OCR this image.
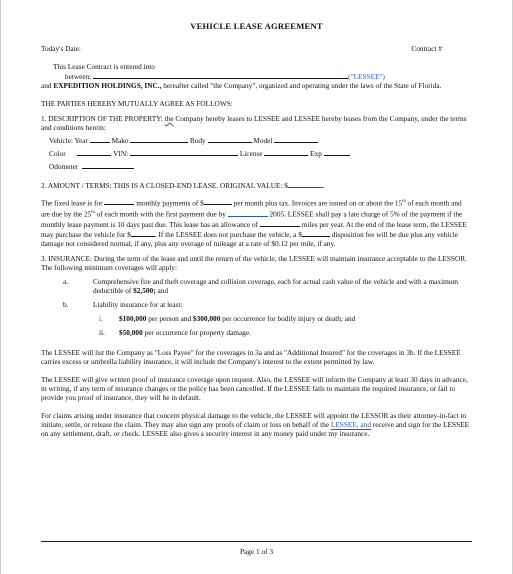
VEHICLE LEASE AGREEMENT
Today's Date:	Contract #

This Lease Contract is entered into

between:	("LESSEE")

and EXPEDITION HOLDINGS, INC., hereafter called "the Company", organized and operating under the laws of the State of Florida.

THE PARTIES HEREBY MUTUALLY AGREE AS FOLLOWS:

1. DESCRIPTION OF THE PROPERTY: the Company hereby leases to LESSEE and LESSEE hereby leases from the Company, under the terms and conditions herein:

Vehicle: Year	Make	Body	Model
Color	VIN:	License	Exp
Odometer

2. AMOUNT / TERMS: THIS IS A CLOSED-END LEASE. ORIGINAL VALUE: $

The fixed lease is for	monthly payments of $	per month plus tax. Invoices are issued on or about the 15th of each month and are due by the 25th of each month with the first payment due by	2005. LESSEE shall pay a late charge of 5% of the payment if the monthly lease payment is 10 days past due. This lease has an allowance of	miles per year. At the end of the lease term, the LESSEE may purchase the vehicle for $	. If the LESSEE does not purchase the vehicle, a $	disposition fee will be due plus any vehicle damage not considered normal, if any, plus any overage of mileage at a rate of $0.12 per mile, if any.

3. INSURANCE: During the term of the lease and until the return of the vehicle, the LESSEE will maintain insurance acceptable to the LESSOR. The following minimum coverages will apply:

a.	Comprehensive fire and theft coverage and collision coverage, each for actual cash value of the vehicle and with a maximum deductible of $2,500; and
b.	Liability insurance for at least:
i.	$100,000 per person and $300,000 per occurrence for bodily injury or death; and
ii.	$50,000 per occurrence for property damage.

The LESSEE will list the Company as "Loss Payee" for the coverages in 3a and as "Additional Insured" for the coverages in 3b. If the LESSEE carries excess or umbrella liability insurance, it will include the Company's interest to the extent permitted by law.

The LESSEE will give written proof of insurance coverage upon request. Also, the LESSEE will inform the Company at least 30 days in advance, in writing, if any term of insurance changes or the policy has been cancelled. If the LESSEE fails to maintain the required insurance, or fail to provide you proof of insurance, they will be in default.

For claims arising under insurance that concern physical damage to the vehicle, the LESSEE will appoint the LESSOR as their attorney-in-fact to initiate, settle, or release the claim. They may also sign any proofs of claim or loss on behalf of the LESSEE, and receive and sign for the LESSEE on any settlement, draft, or check. LESSEE also gives a security interest in any money paid under my insurance.

Page 1 of 3
